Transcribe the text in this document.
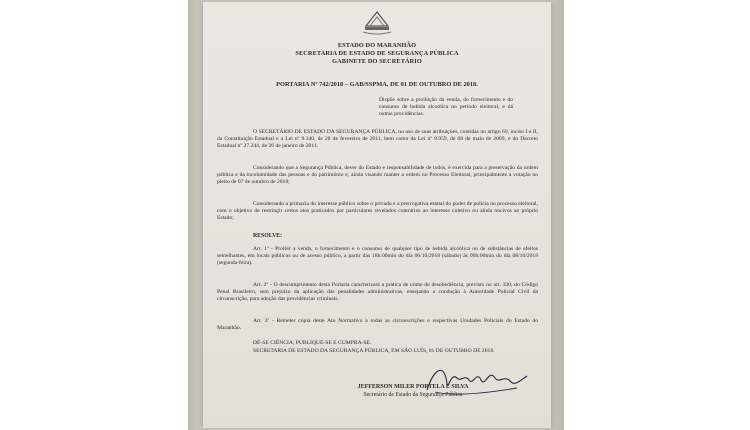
ESTADO DO MARANHÃO
SECRETARIA DE ESTADO DE SEGURANÇA PÚBLICA
GABINETE DO SECRETÁRIO
PORTARIA Nº 742/2018 – GAB/SSPMA, DE 01 DE OUTUBRO DE 2018.
Dispõe sobre a proibição da venda, do fornecimento e do consumo de bebida alcoólica no período eleitoral, e dá outras providências.
O SECRETÁRIO DE ESTADO DA SEGURANÇA PÚBLICA, no uso de suas atribuições, contidas no artigo 69, inciso I e II, da Constituição Estadual e a Lei nº 9.340, de 28 de fevereiro de 2011, bem como da Lei nº 8.959, de 08 de maio de 2009, e do Decreto Estadual nº 27.244, de 26 de janeiro de 2011.
Considerando que a Segurança Pública, dever do Estado e responsabilidade de todos, é exercida para a preservação da ordem pública e da incolumidade das pessoas e do patrimônio e, ainda visando manter a ordem no Processo Eleitoral, principalmente a votação no pleito de 07 de outubro de 2018;
Considerando a primazia do interesse público sobre o privado e a prerrogativa estatal do poder de polícia no processo eleitoral, com o objetivo de restringir certos atos praticados por particulares revelados contrários ao interesse coletivo ou ainda nocivos ao próprio Estado;
RESOLVE:
Art. 1º - Proibir a venda, o fornecimento e o consumo de qualquer tipo de bebida alcoólica ou de substâncias de efeitos semelhantes, em locais públicos ou de acesso público, a partir das 18h:00min do dia 06/10/2018 (sábado) às 00h:00min do dia 08/10/2018 (segunda-feira).
Art. 2º - O descumprimento desta Portaria caracterizará a prática de crime de desobediência, previsto no art. 330, do Código Penal Brasileiro, sem prejuízo da aplicação das penalidades administrativas, ensejando a condução à Autoridade Policial Civil da circunscrição, para adoção das providências criminais.
Art. 3º - Remeter cópia deste Ato Normativo a todas as circunscrições e respectivas Unidades Policiais do Estado do Maranhão.
DÊ-SE CIÊNCIA, PUBLIQUE-SE E CUMPRA-SE.
SECRETARIA DE ESTADO DA SEGURANÇA PÚBLICA, EM SÃO LUÍS, 01 DE OUTUBRO DE 2018.
JEFFERSON MILER PORTELA E SILVA
Secretário de Estado da Segurança Pública
